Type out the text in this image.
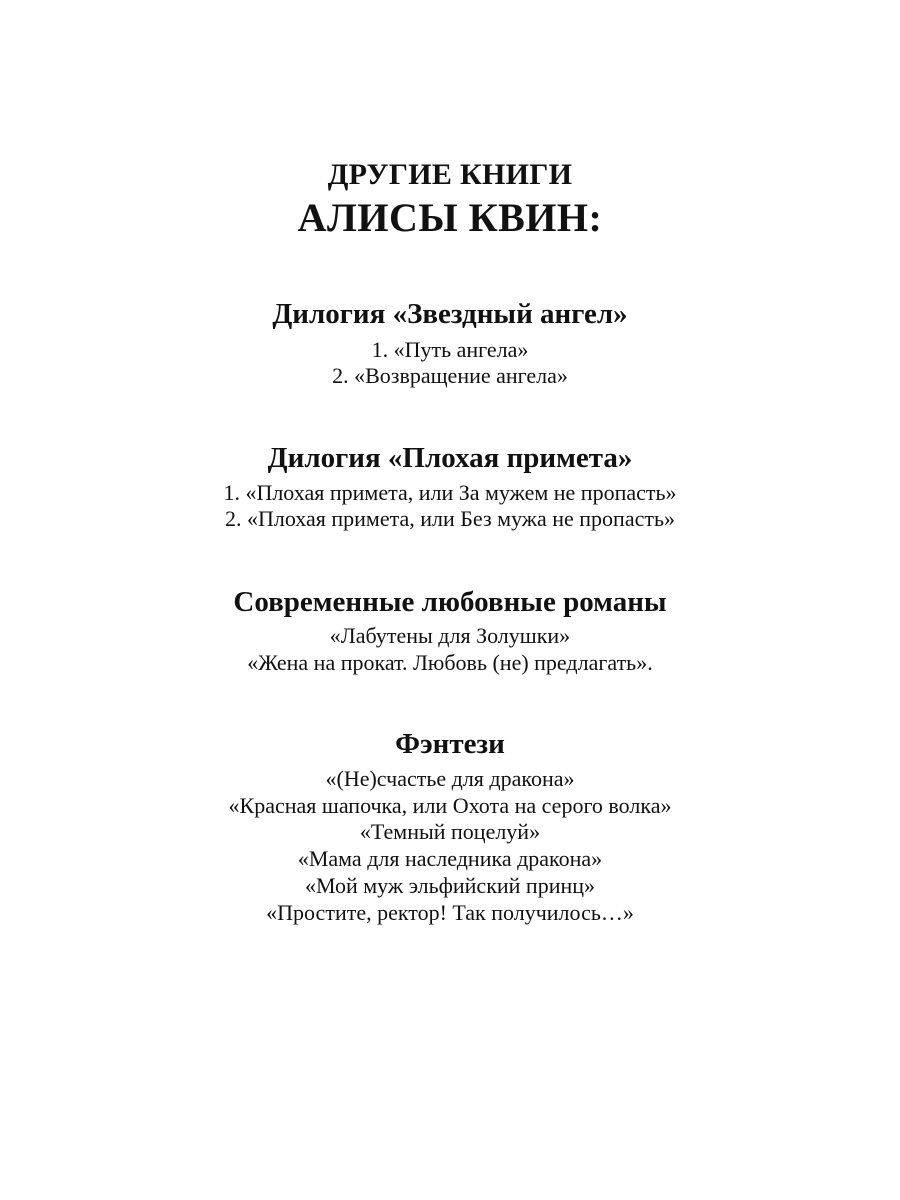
ДРУГИЕ КНИГИ
АЛИСЫ КВИН:
Дилогия «Звездный ангел»
1. «Путь ангела»
2. «Возвращение ангела»
Дилогия «Плохая примета»
1. «Плохая примета, или За мужем не пропасть»
2. «Плохая примета, или Без мужа не пропасть»
Современные любовные романы
«Лабутены для Золушки»
«Жена на прокат. Любовь (не) предлагать».
Фэнтези
«(Не)счастье для дракона»
«Красная шапочка, или Охота на серого волка»
«Темный поцелуй»
«Мама для наследника дракона»
«Мой муж эльфийский принц»
«Простите, ректор! Так получилось…»
